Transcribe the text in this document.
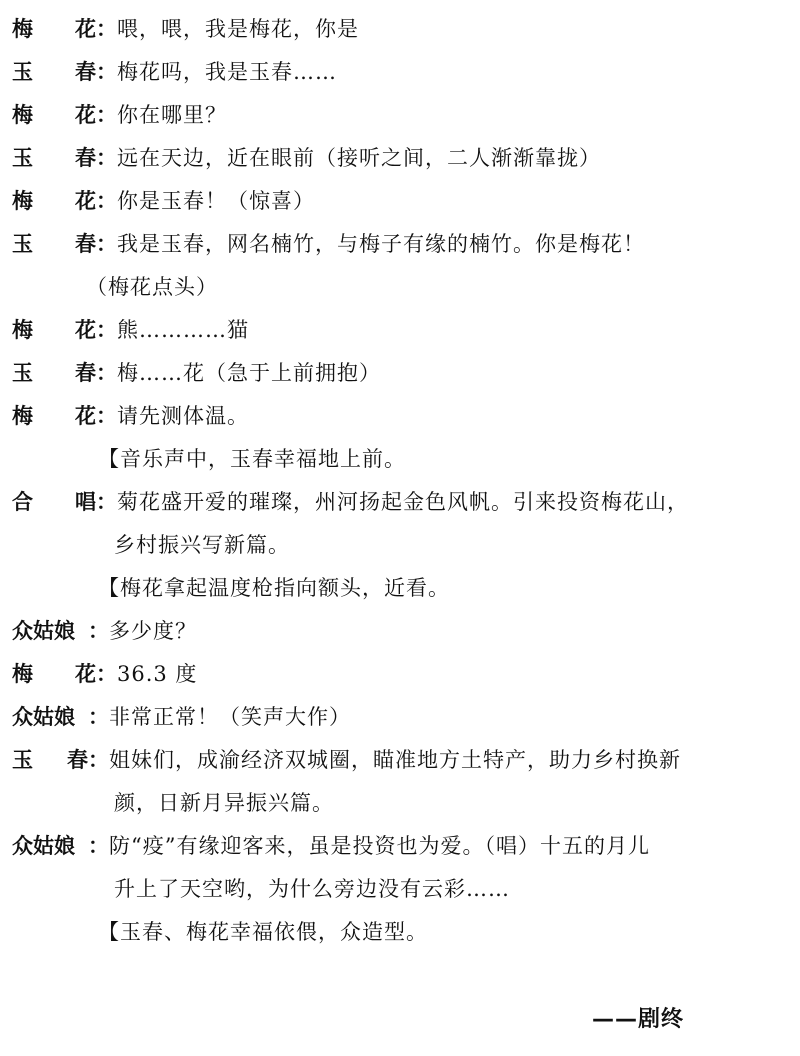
梅 花 ： 喂，喂，我是梅花，你是
玉 春 ： 梅花吗，我是玉春……
梅 花 ： 你在哪里？
玉 春 ： 远在天边，近在眼前（接听之间，二人渐渐靠拢）
梅 花 ： 你是玉春！（惊喜）
玉 春 ： 我是玉春，网名楠竹，与梅子有缘的楠竹。你是梅花！
（梅花点头）
梅 花 ： 熊…………猫
玉 春 ： 梅……花（急于上前拥抱）
梅 花 ： 请先测体温。
【音乐声中，玉春幸福地上前。
合 唱 ： 菊花盛开爱的璀璨，州河扬起金色风帆。引来投资梅花山，
乡村振兴写新篇。
【梅花拿起温度枪指向额头，近看。
众姑娘 ： 多少度？
梅 花 ： 36.3 度
众姑娘 ： 非常正常！（笑声大作）
玉 春 ： 姐妹们，成渝经济双城圈，瞄准地方土特产，助力乡村换新
颜，日新月异振兴篇。
众姑娘 ： 防“疫”有缘迎客来，虽是投资也为爱。（唱）十五的月儿
升上了天空哟，为什么旁边没有云彩……
【玉春、梅花幸福依偎，众造型。
——剧终
